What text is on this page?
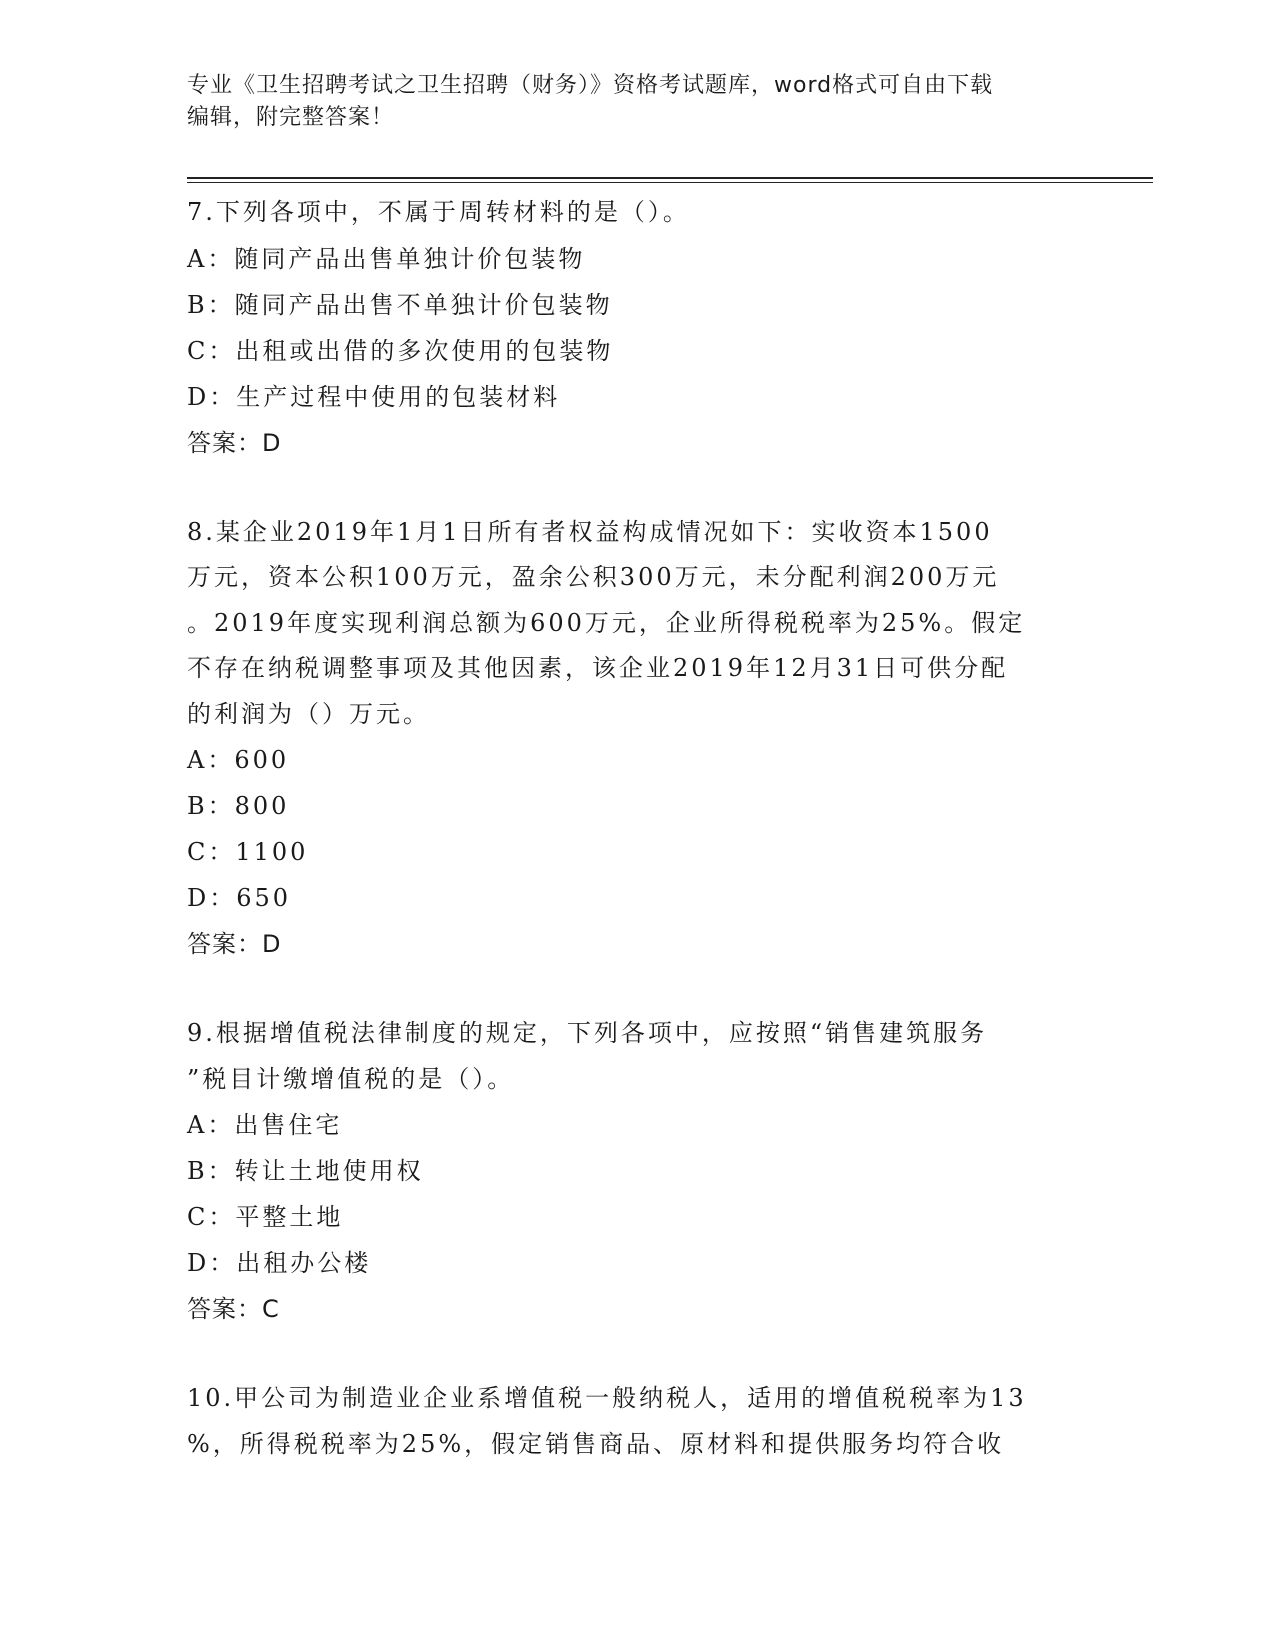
专业《卫生招聘考试之卫生招聘（财务）》资格考试题库，word格式可自由下载
编辑，附完整答案！
7.下列各项中，不属于周转材料的是（）。
A：随同产品出售单独计价包装物
B：随同产品出售不单独计价包装物
C：出租或出借的多次使用的包装物
D：生产过程中使用的包装材料
答案：D
8.某企业2019年1月1日所有者权益构成情况如下：实收资本1500
万元，资本公积100万元，盈余公积300万元，未分配利润200万元
。2019年度实现利润总额为600万元，企业所得税税率为25%。假定
不存在纳税调整事项及其他因素，该企业2019年12月31日可供分配
的利润为（）万元。
A：600
B：800
C：1100
D：650
答案：D
9.根据增值税法律制度的规定，下列各项中，应按照“销售建筑服务
”税目计缴增值税的是（）。
A：出售住宅
B：转让土地使用权
C：平整土地
D：出租办公楼
答案：C
10.甲公司为制造业企业系增值税一般纳税人，适用的增值税税率为13
%，所得税税率为25%，假定销售商品、原材料和提供服务均符合收
